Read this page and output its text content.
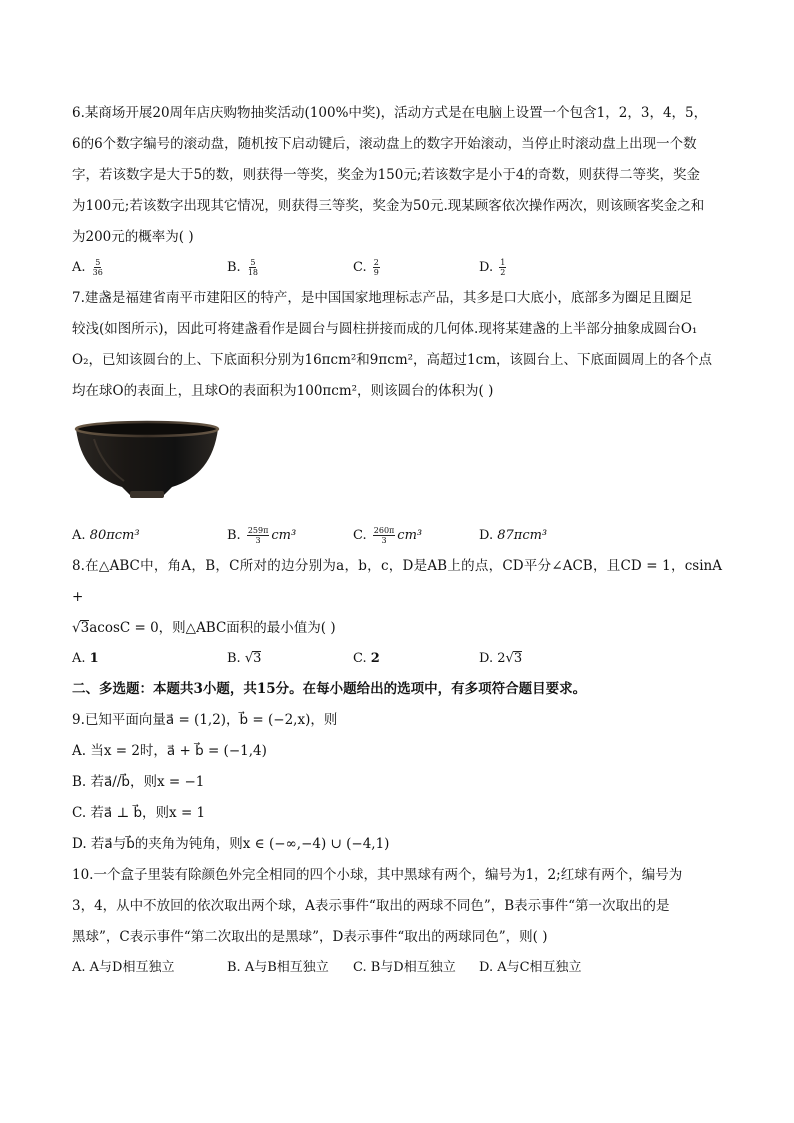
6.某商场开展20周年店庆购物抽奖活动(100%中奖)，活动方式是在电脑上设置一个包含1，2，3，4，5，

6的6个数字编号的滚动盘，随机按下启动键后，滚动盘上的数字开始滚动，当停止时滚动盘上出现一个数

字，若该数字是大于5的数，则获得一等奖，奖金为150元;若该数字是小于4的奇数，则获得二等奖，奖金

为100元;若该数字出现其它情况，则获得三等奖，奖金为50元.现某顾客依次操作两次，则该顾客奖金之和

为200元的概率为( )

A. $\frac{5}{36}$	B. $\frac{5}{18}$	C. $\frac{2}{9}$	D. $\frac{1}{2}$

7.建盏是福建省南平市建阳区的特产，是中国国家地理标志产品，其多是口大底小，底部多为圈足且圈足

较浅(如图所示)，因此可将建盏看作是圆台与圆柱拼接而成的几何体.现将某建盏的上半部分抽象成圆台O₁

O₂，已知该圆台的上、下底面积分别为16πcm²和9πcm²，高超过1cm，该圆台上、下底面圆周上的各个点

均在球O的表面上，且球O的表面积为100πcm²，则该圆台的体积为( )

A. 80πcm³	B. $\frac{259\pi}{3} cm^3$	C. $\frac{260\pi}{3} cm^3$	D. 87πcm³

8.在△ABC中，角A，B，C所对的边分别为a，b，c，D是AB上的点，CD平分∠ACB，且CD = 1，csinA +

√3acosC = 0，则△ABC面积的最小值为( )

A. 1	B. √3	C. 2	D. 2√3

二、多选题：本题共3小题，共15分。在每小题给出的选项中，有多项符合题目要求。

9.已知平面向量a⃗ = (1,2)，b⃗ = (−2,x)，则

A. 当x = 2时，a⃗ + b⃗ = (−1,4)

B. 若a⃗//b⃗，则x = −1

C. 若a⃗ ⊥ b⃗，则x = 1

D. 若a⃗与b⃗的夹角为钝角，则x ∈ (−∞,−4) ∪ (−4,1)

10.一个盒子里装有除颜色外完全相同的四个小球，其中黑球有两个，编号为1，2;红球有两个，编号为

3，4，从中不放回的依次取出两个球，A表示事件“取出的两球不同色”，B表示事件“第一次取出的是

黑球”，C表示事件“第二次取出的是黑球”，D表示事件“取出的两球同色”，则( )

A. A与D相互独立	B. A与B相互独立	C. B与D相互独立	D. A与C相互独立
